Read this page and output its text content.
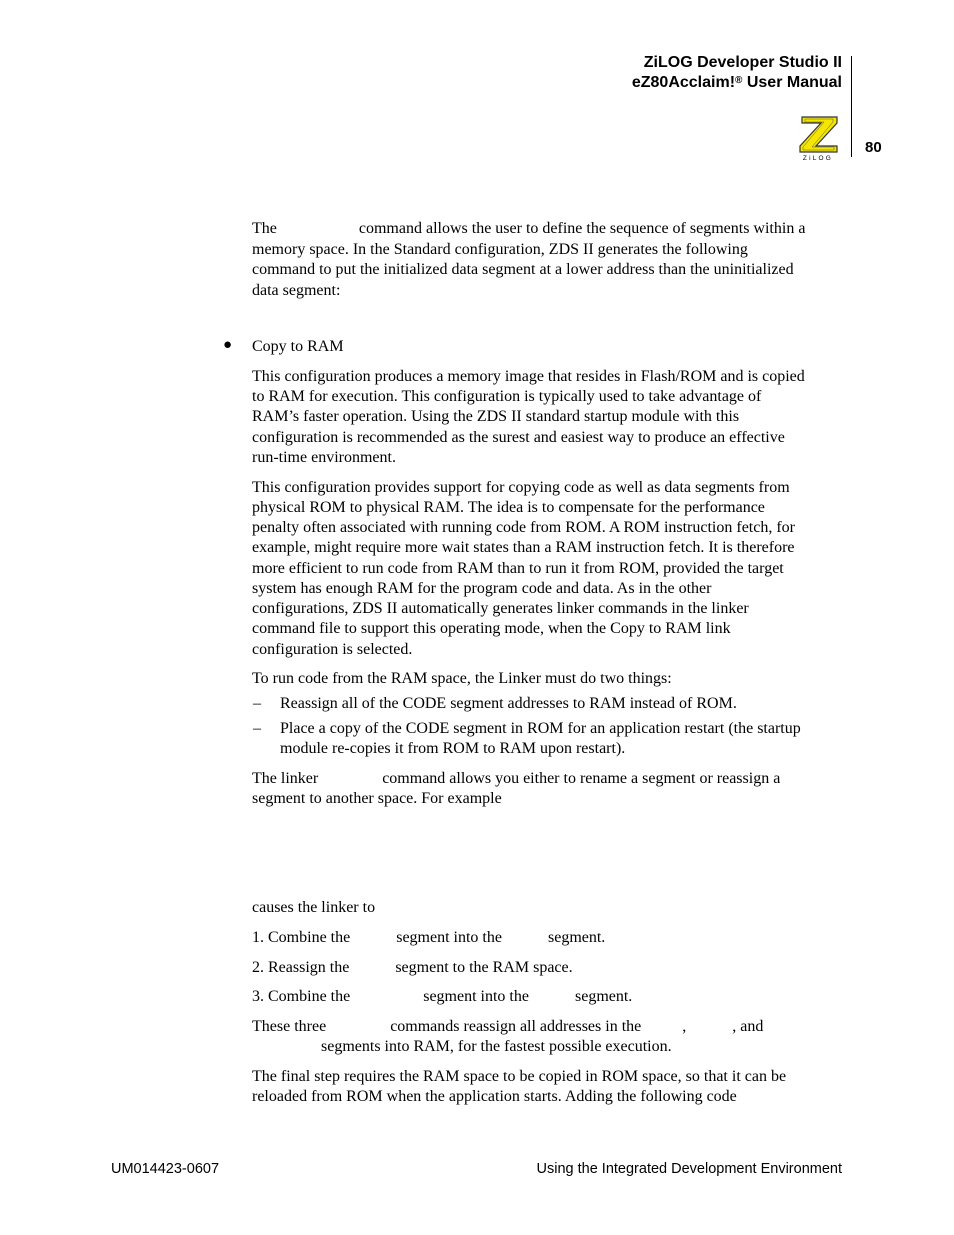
ZiLOG Developer Studio II
eZ80Acclaim!® User Manual
80
ZiLOG
The	command allows the user to define the sequence of segments within a
memory space. In the Standard configuration, ZDS II generates the following
command to put the initialized data segment at a lower address than the uninitialized
data segment:
● Copy to RAM
This configuration produces a memory image that resides in Flash/ROM and is copied
to RAM for execution. This configuration is typically used to take advantage of
RAM’s faster operation. Using the ZDS II standard startup module with this
configuration is recommended as the surest and easiest way to produce an effective
run-time environment.
This configuration provides support for copying code as well as data segments from
physical ROM to physical RAM. The idea is to compensate for the performance
penalty often associated with running code from ROM. A ROM instruction fetch, for
example, might require more wait states than a RAM instruction fetch. It is therefore
more efficient to run code from RAM than to run it from ROM, provided the target
system has enough RAM for the program code and data. As in the other
configurations, ZDS II automatically generates linker commands in the linker
command file to support this operating mode, when the Copy to RAM link
configuration is selected.
To run code from the RAM space, the Linker must do two things:
– Reassign all of the CODE segment addresses to RAM instead of ROM.
– Place a copy of the CODE segment in ROM for an application restart (the startup
module re-copies it from ROM to RAM upon restart).
The linker	command allows you either to rename a segment or reassign a
segment to another space. For example
causes the linker to
1. Combine the	segment into the	segment.
2. Reassign the	segment to the RAM space.
3. Combine the	segment into the	segment.
These three	commands reassign all addresses in the	,	, and
segments into RAM, for the fastest possible execution.
The final step requires the RAM space to be copied in ROM space, so that it can be
reloaded from ROM when the application starts. Adding the following code
UM014423-0607	Using the Integrated Development Environment
